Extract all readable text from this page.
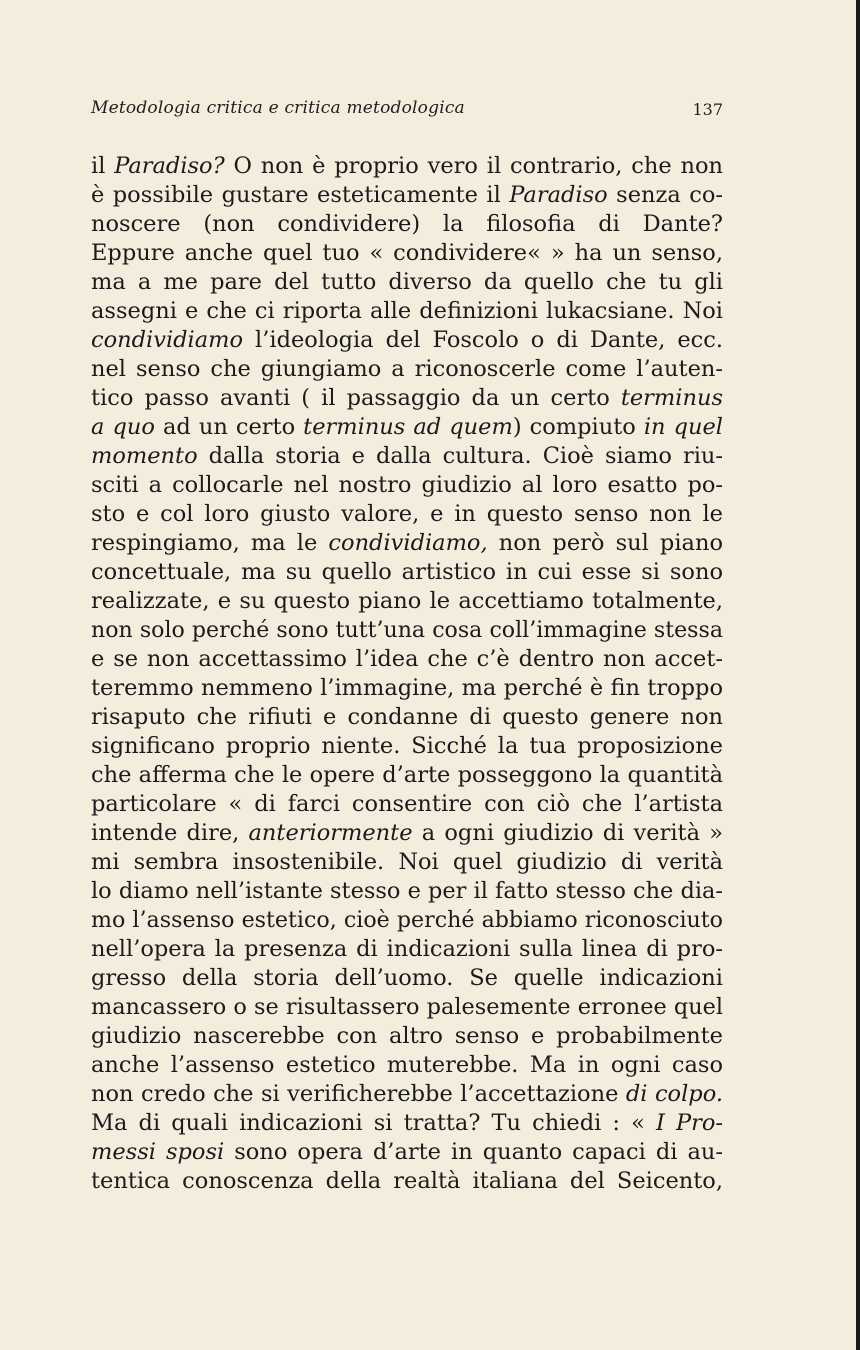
Metodologia critica e critica metodologica	137
il Paradiso? O non è proprio vero il contrario, che non
è possibile gustare esteticamente il Paradiso senza co-
noscere (non condividere) la filosofia di Dante?
Eppure anche quel tuo « condividere« » ha un senso,
ma a me pare del tutto diverso da quello che tu gli
assegni e che ci riporta alle definizioni lukacsiane. Noi
condividiamo l’ideologia del Foscolo o di Dante, ecc.
nel senso che giungiamo a riconoscerle come l’auten-
tico passo avanti ( il passaggio da un certo terminus
a quo ad un certo terminus ad quem) compiuto in quel
momento dalla storia e dalla cultura. Cioè siamo riu-
sciti a collocarle nel nostro giudizio al loro esatto po-
sto e col loro giusto valore, e in questo senso non le
respingiamo, ma le condividiamo, non però sul piano
concettuale, ma su quello artistico in cui esse si sono
realizzate, e su questo piano le accettiamo totalmente,
non solo perché sono tutt’una cosa coll’immagine stessa
e se non accettassimo l’idea che c’è dentro non accet-
teremmo nemmeno l’immagine, ma perché è fin troppo
risaputo che rifiuti e condanne di questo genere non
significano proprio niente. Sicché la tua proposizione
che afferma che le opere d’arte posseggono la quantità
particolare « di farci consentire con ciò che l’artista
intende dire, anteriormente a ogni giudizio di verità »
mi sembra insostenibile. Noi quel giudizio di verità
lo diamo nell’istante stesso e per il fatto stesso che dia-
mo l’assenso estetico, cioè perché abbiamo riconosciuto
nell’opera la presenza di indicazioni sulla linea di pro-
gresso della storia dell’uomo. Se quelle indicazioni
mancassero o se risultassero palesemente erronee quel
giudizio nascerebbe con altro senso e probabilmente
anche l’assenso estetico muterebbe. Ma in ogni caso
non credo che si verificherebbe l’accettazione di colpo.
Ma di quali indicazioni si tratta? Tu chiedi : « I Pro-
messi sposi sono opera d’arte in quanto capaci di au-
tentica conoscenza della realtà italiana del Seicento,
